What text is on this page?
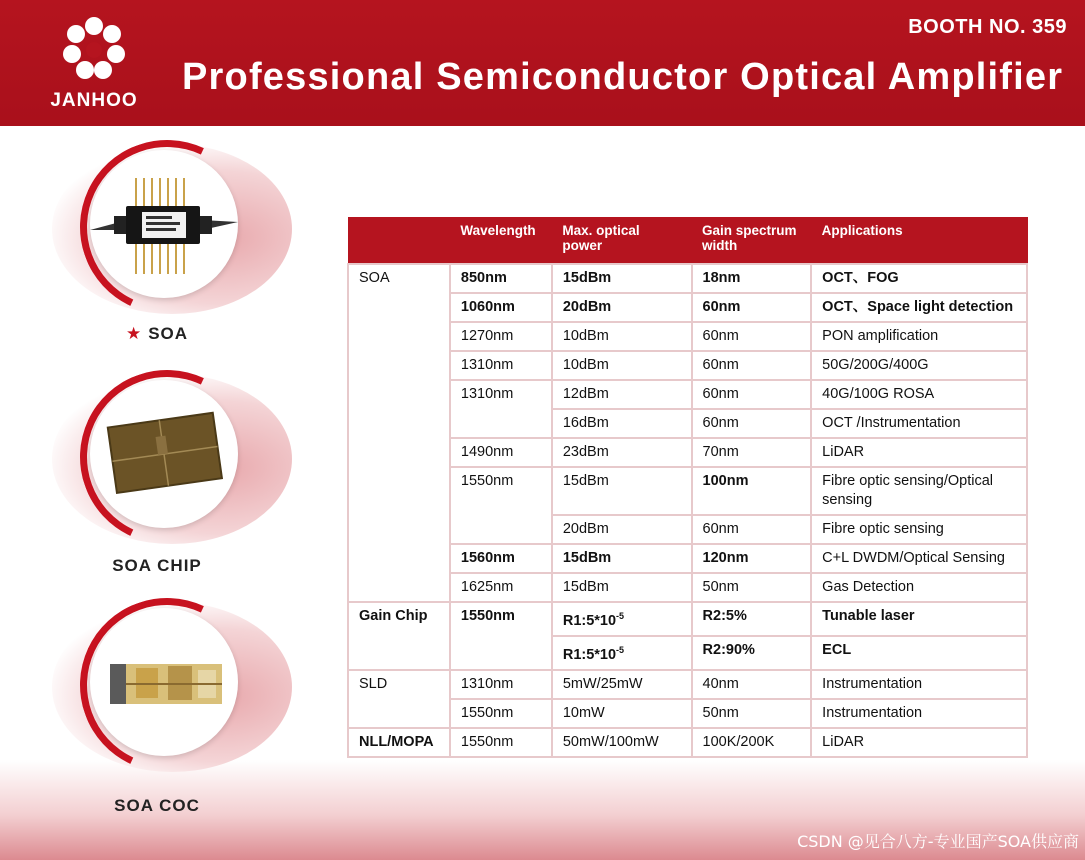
JANHOO
BOOTH NO. 359
Professional Semiconductor Optical Amplifier
★ SOA
SOA CHIP
SOA COC
	Wavelength	Max. optical power	Gain spectrum width	Applications
SOA	850nm	15dBm	18nm	OCT、FOG
	1060nm	20dBm	60nm	OCT、Space light detection
	1270nm	10dBm	60nm	PON amplification
	1310nm	10dBm	60nm	50G/200G/400G
	1310nm	12dBm	60nm	40G/100G ROSA
		16dBm	60nm	OCT /Instrumentation
	1490nm	23dBm	70nm	LiDAR
	1550nm	15dBm	100nm	Fibre optic sensing/Optical sensing
		20dBm	60nm	Fibre optic sensing
	1560nm	15dBm	120nm	C+L DWDM/Optical Sensing
	1625nm	15dBm	50nm	Gas Detection
Gain Chip	1550nm	$R1:5*10^{-5}$	R2:5%	Tunable laser
		$R1:5*10^{-5}$	R2:90%	ECL
SLD	1310nm	5mW/25mW	40nm	Instrumentation
	1550nm	10mW	50nm	Instrumentation
NLL/MOPA	1550nm	50mW/100mW	100K/200K	LiDAR
CSDN @见合八方-专业国产SOA供应商
